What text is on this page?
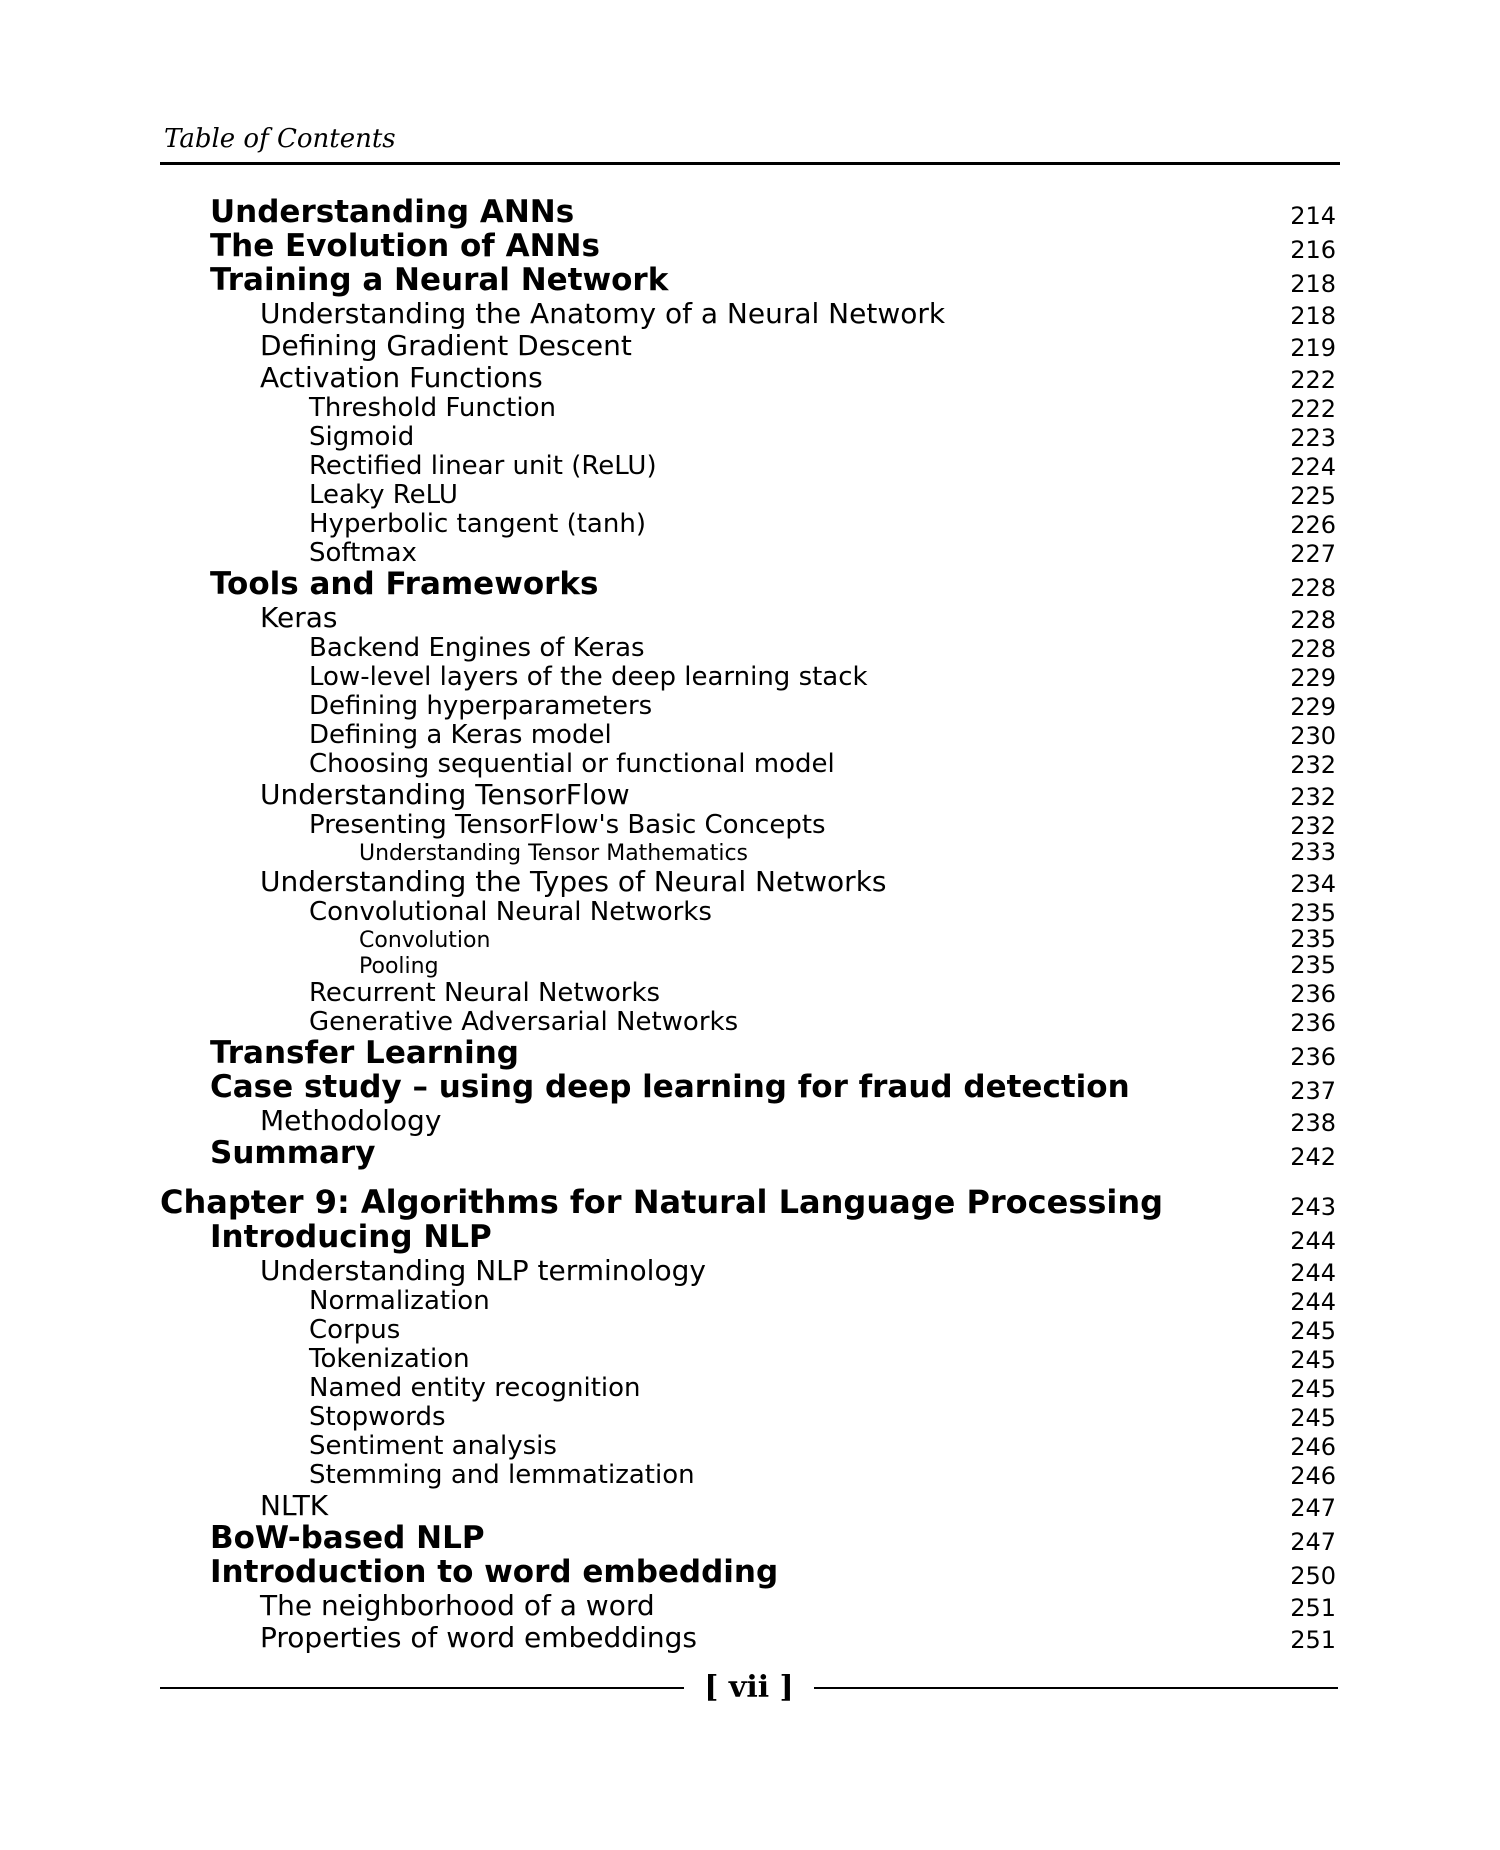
Table of Contents
Understanding ANNs	214
The Evolution of ANNs	216
Training a Neural Network	218
Understanding the Anatomy of a Neural Network	218
Defining Gradient Descent	219
Activation Functions	222
Threshold Function	222
Sigmoid	223
Rectified linear unit (ReLU)	224
Leaky ReLU	225
Hyperbolic tangent (tanh)	226
Softmax	227
Tools and Frameworks	228
Keras	228
Backend Engines of Keras	228
Low-level layers of the deep learning stack	229
Defining hyperparameters	229
Defining a Keras model	230
Choosing sequential or functional model	232
Understanding TensorFlow	232
Presenting TensorFlow's Basic Concepts	232
Understanding Tensor Mathematics	233
Understanding the Types of Neural Networks	234
Convolutional Neural Networks	235
Convolution	235
Pooling	235
Recurrent Neural Networks	236
Generative Adversarial Networks	236
Transfer Learning	236
Case study – using deep learning for fraud detection	237
Methodology	238
Summary	242
Chapter 9: Algorithms for Natural Language Processing	243
Introducing NLP	244
Understanding NLP terminology	244
Normalization	244
Corpus	245
Tokenization	245
Named entity recognition	245
Stopwords	245
Sentiment analysis	246
Stemming and lemmatization	246
NLTK	247
BoW-based NLP	247
Introduction to word embedding	250
The neighborhood of a word	251
Properties of word embeddings	251
[ vii ]
